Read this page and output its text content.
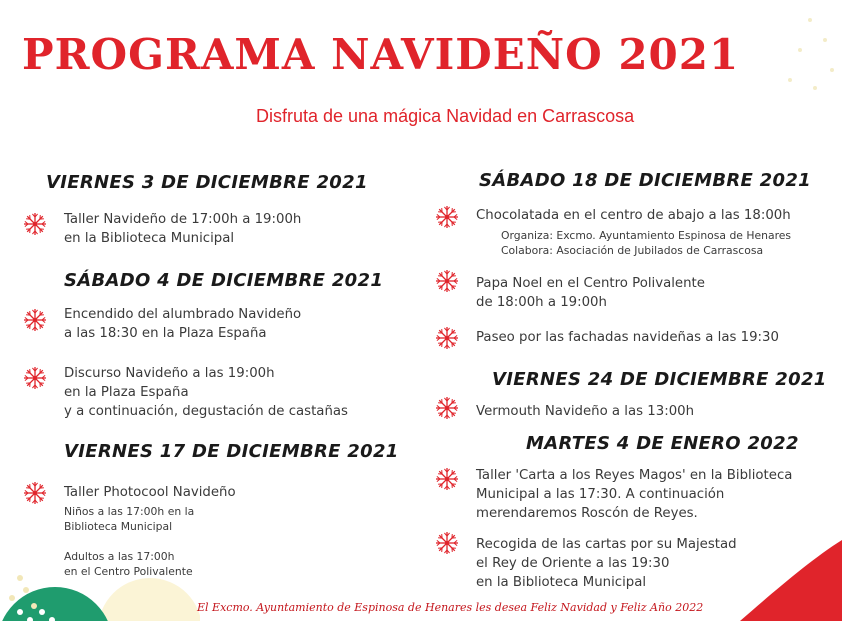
PROGRAMA NAVIDEÑO 2021
Disfruta de una mágica Navidad en Carrascosa
VIERNES 3 DE DICIEMBRE 2021
Taller Navideño de 17:00h a 19:00h
en la Biblioteca Municipal
SÁBADO 4 DE DICIEMBRE 2021
Encendido del alumbrado Navideño
a las 18:30 en la Plaza España
Discurso Navideño a las 19:00h
en la Plaza España
y a continuación, degustación de castañas
VIERNES 17 DE DICIEMBRE 2021
Taller Photocool Navideño
Niños a las 17:00h en la
Biblioteca Municipal
Adultos a las 17:00h
en el Centro Polivalente
SÁBADO 18 DE DICIEMBRE 2021
Chocolatada en el centro de abajo a las 18:00h
Organiza: Excmo. Ayuntamiento Espinosa de Henares
Colabora: Asociación de Jubilados de Carrascosa
Papa Noel en el Centro Polivalente
de 18:00h a 19:00h
Paseo por las fachadas navideñas a las 19:30
VIERNES 24 DE DICIEMBRE 2021
Vermouth Navideño a las 13:00h
MARTES 4 DE ENERO 2022
Taller 'Carta a los Reyes Magos' en la Biblioteca
Municipal a las 17:30. A continuación
merendaremos Roscón de Reyes.
Recogida de las cartas por su Majestad
el Rey de Oriente a las 19:30
en la Biblioteca Municipal
El Excmo. Ayuntamiento de Espinosa de Henares les desea Feliz Navidad y Feliz Año 2022
